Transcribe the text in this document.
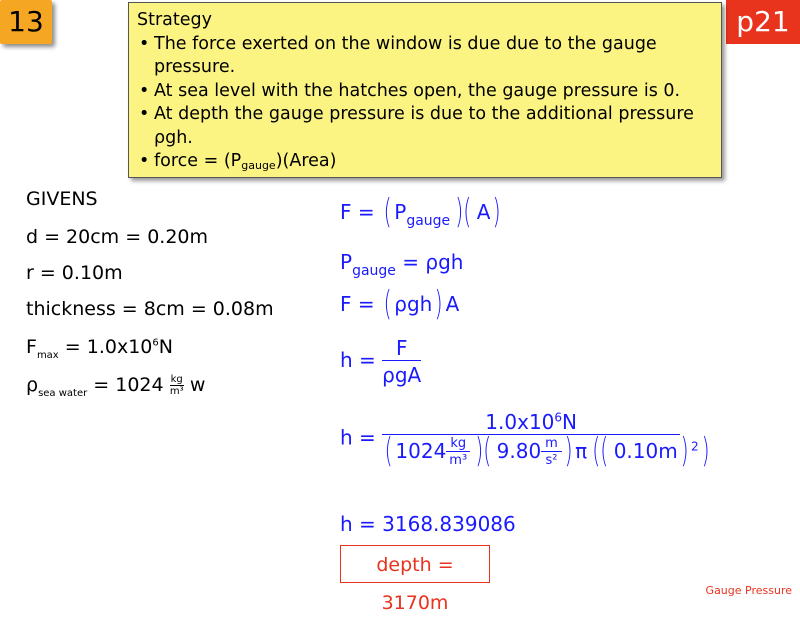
13	p21
Strategy
• The force exerted on the window is due due to the gauge pressure.
• At sea level with the hatches open, the gauge pressure is 0.
• At depth the gauge pressure is due to the additional pressure ρgh.
• force = $(P_{gauge})(Area)$
GIVENS
d = 20cm = 0.20m
r = 0.10m
thickness = 8cm = 0.08m
$F_{max} = 1.0x10^6N$
$\rho_{sea water} = 1024 \frac{kg}{\text{m³}}$ w
F = ( $P_{gauge}$ )( A)
$P_{gauge} = \rho gh$
F = ( ρgh) A
h = F
ρgA
h =
$1.0x10^6N$
( $1024 \frac{kg}{\text{m³}}$ )( $9.80 \frac{m}{\text{s²}}$ ) π (( 0.10m) $^2$)
h = 3168.839086
depth = 3170m
Gauge Pressure
